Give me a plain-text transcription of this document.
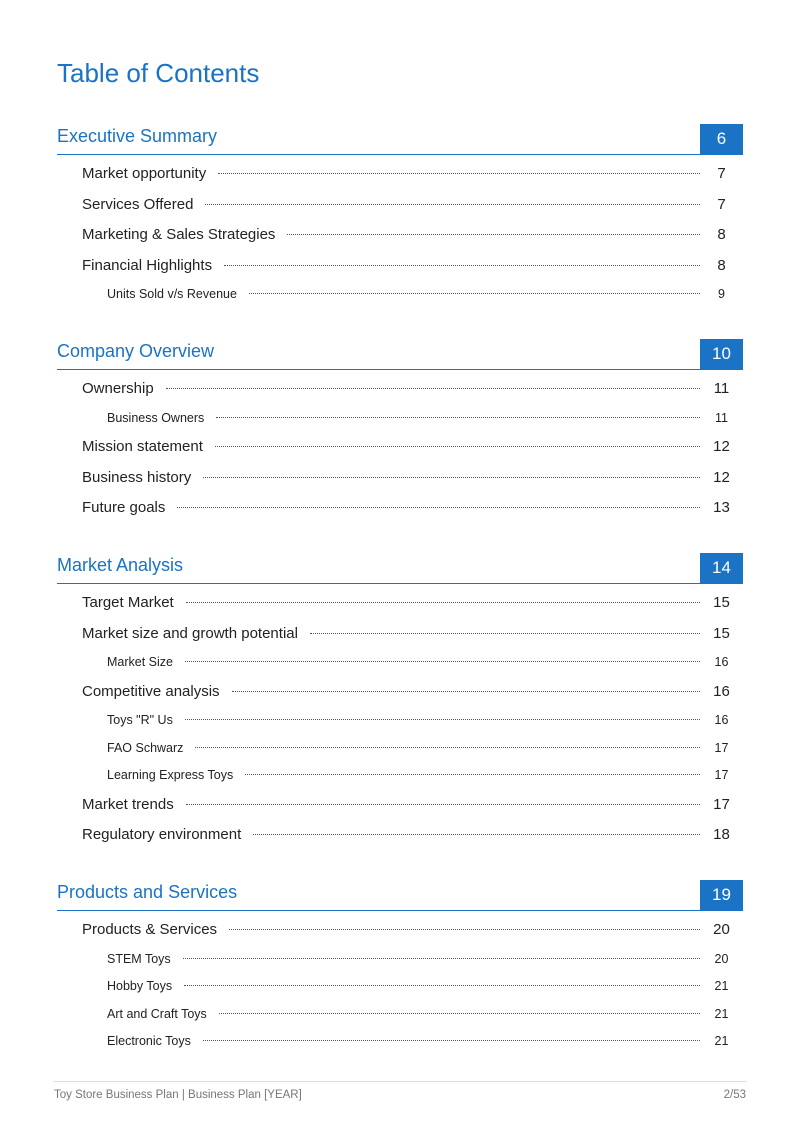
Table of Contents
Executive Summary	6
Market opportunity	7
Services Offered	7
Marketing & Sales Strategies	8
Financial Highlights	8
Units Sold v/s Revenue	9
Company Overview	10
Ownership	11
Business Owners	11
Mission statement	12
Business history	12
Future goals	13
Market Analysis	14
Target Market	15
Market size and growth potential	15
Market Size	16
Competitive analysis	16
Toys "R" Us	16
FAO Schwarz	17
Learning Express Toys	17
Market trends	17
Regulatory environment	18
Products and Services	19
Products & Services	20
STEM Toys	20
Hobby Toys	21
Art and Craft Toys	21
Electronic Toys	21
Toy Store Business Plan | Business Plan [YEAR]	2/53
